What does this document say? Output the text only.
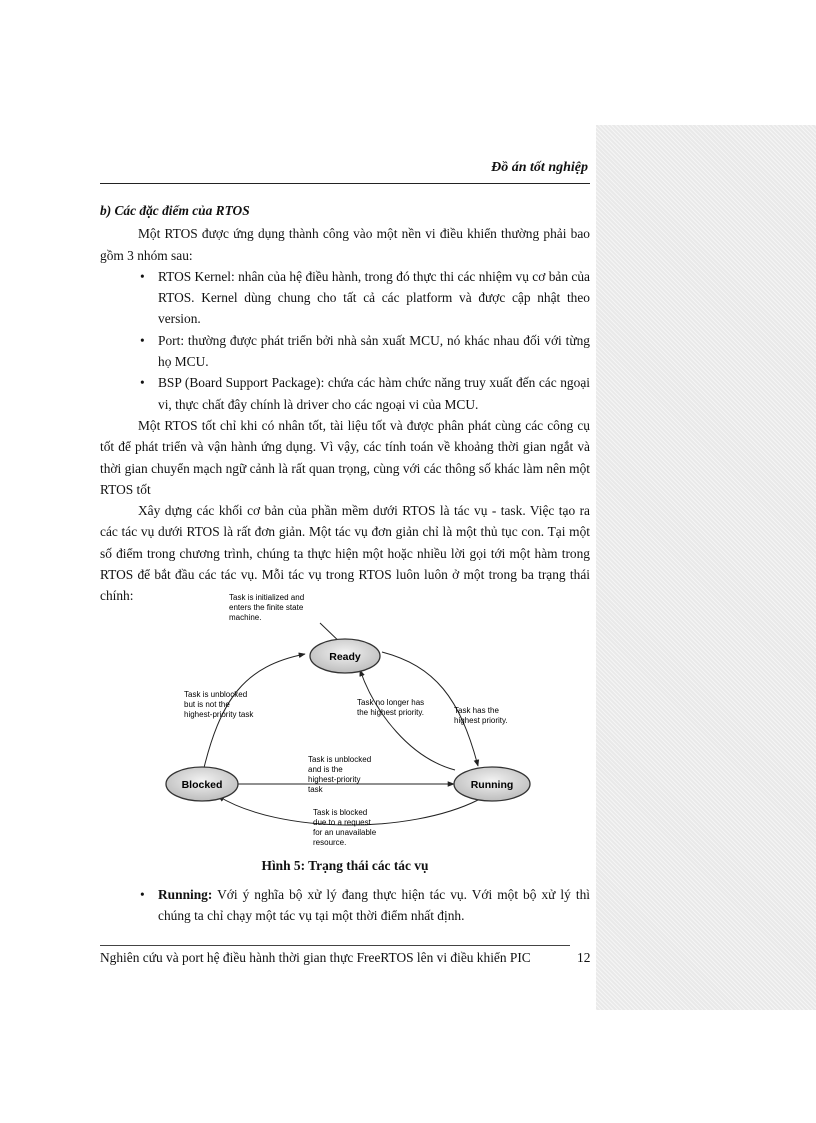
Đồ án tốt nghiệp
b) Các đặc điểm của RTOS

Một RTOS được ứng dụng thành công vào một nền vi điều khiển thường phải bao gồm 3 nhóm sau:

• RTOS Kernel: nhân của hệ điều hành, trong đó thực thi các nhiệm vụ cơ bản của RTOS. Kernel dùng chung cho tất cả các platform và được cập nhật theo version.
• Port: thường được phát triển bởi nhà sản xuất MCU, nó khác nhau đối với từng họ MCU.
• BSP (Board Support Package): chứa các hàm chức năng truy xuất đến các ngoại vi, thực chất đây chính là driver cho các ngoại vi của MCU.

Một RTOS tốt chỉ khi có nhân tốt, tài liệu tốt và được phân phát cùng các công cụ tốt để phát triển và vận hành ứng dụng. Vì vậy, các tính toán về khoảng thời gian ngắt và thời gian chuyển mạch ngữ cảnh là rất quan trọng, cùng với các thông số khác làm nên một RTOS tốt

Xây dựng các khối cơ bản của phần mềm dưới RTOS là tác vụ - task. Việc tạo ra các tác vụ dưới RTOS là rất đơn giản. Một tác vụ đơn giản chỉ là một thủ tục con. Tại một số điểm trong chương trình, chúng ta thực hiện một hoặc nhiều lời gọi tới một hàm trong RTOS để bắt đầu các tác vụ. Mỗi tác vụ trong RTOS luôn luôn ở một trong ba trạng thái chính:

Ready
Blocked	Running
Task is initialized and enters the finite state machine.
Task is unblocked but is not the highest-priority task
Task no longer has the highest priority.	Task has the highest priority.
Task is unblocked and is the highest-priority task
Task is blocked due to a request for an unavailable resource.
Hình 5: Trạng thái các tác vụ
• Running: Với ý nghĩa bộ xử lý đang thực hiện tác vụ. Với một bộ xử lý thì chúng ta chỉ chạy một tác vụ tại một thời điểm nhất định.
Nghiên cứu và port hệ điều hành thời gian thực FreeRTOS lên vi điều khiển PIC	12
